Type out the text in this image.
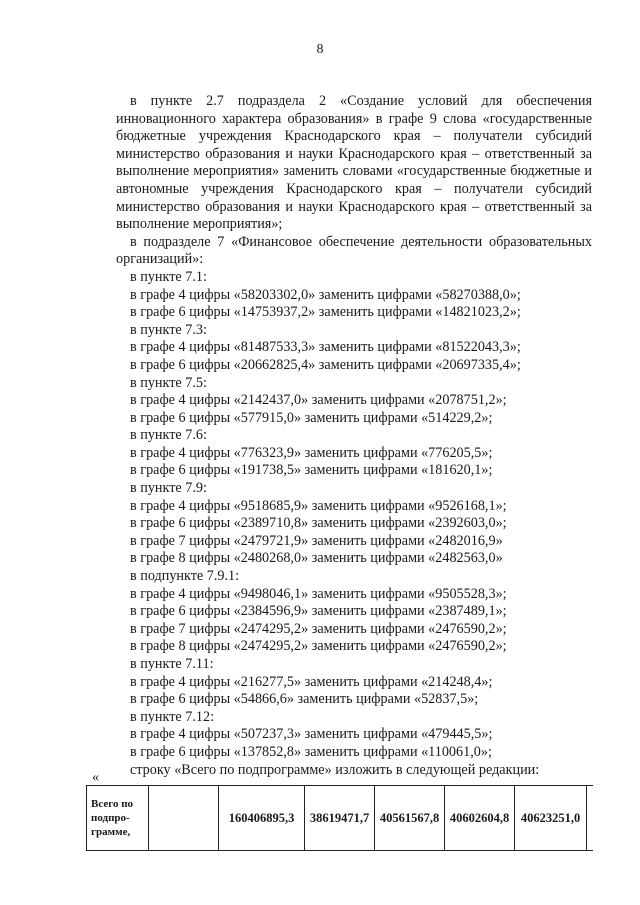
8

в пункте 2.7 подраздела 2 «Создание условий для обеспечения инновационного характера образования» в графе 9 слова «государственные бюджетные учреждения Краснодарского края – получатели субсидий министерство образования и науки Краснодарского края – ответственный за выполнение мероприятия» заменить словами «государственные бюджетные и автономные учреждения Краснодарского края – получатели субсидий министерство образования и науки Краснодарского края – ответственный за выполнение мероприятия»;

в подразделе 7 «Финансовое обеспечение деятельности образовательных организаций»:

в пункте 7.1:

в графе 4 цифры «58203302,0» заменить цифрами «58270388,0»;

в графе 6 цифры «14753937,2» заменить цифрами «14821023,2»;

в пункте 7.3:

в графе 4 цифры «81487533,3» заменить цифрами «81522043,3»;

в графе 6 цифры «20662825,4» заменить цифрами «20697335,4»;

в пункте 7.5:

в графе 4 цифры «2142437,0» заменить цифрами «2078751,2»;

в графе 6 цифры «577915,0» заменить цифрами «514229,2»;

в пункте 7.6:

в графе 4 цифры «776323,9» заменить цифрами «776205,5»;

в графе 6 цифры «191738,5» заменить цифрами «181620,1»;

в пункте 7.9:

в графе 4 цифры «9518685,9» заменить цифрами «9526168,1»;

в графе 6 цифры «2389710,8» заменить цифрами «2392603,0»;

в графе 7 цифры «2479721,9» заменить цифрами «2482016,9»

в графе 8 цифры «2480268,0» заменить цифрами «2482563,0»

в подпункте 7.9.1:

в графе 4 цифры «9498046,1» заменить цифрами «9505528,3»;

в графе 6 цифры «2384596,9» заменить цифрами «2387489,1»;

в графе 7 цифры «2474295,2» заменить цифрами «2476590,2»;

в графе 8 цифры «2474295,2» заменить цифрами «2476590,2»;

в пункте 7.11:

в графе 4 цифры «216277,5» заменить цифрами «214248,4»;

в графе 6 цифры «54866,6» заменить цифрами «52837,5»;

в пункте 7.12:

в графе 4 цифры «507237,3» заменить цифрами «479445,5»;

в графе 6 цифры «137852,8» заменить цифрами «110061,0»;

строку «Всего по подпрограмме» изложить в следующей редакции:

«
Всего по
подпро-
грамме,
		160406895,3	38619471,7	40561567,8	40602604,8	40623251,0	
